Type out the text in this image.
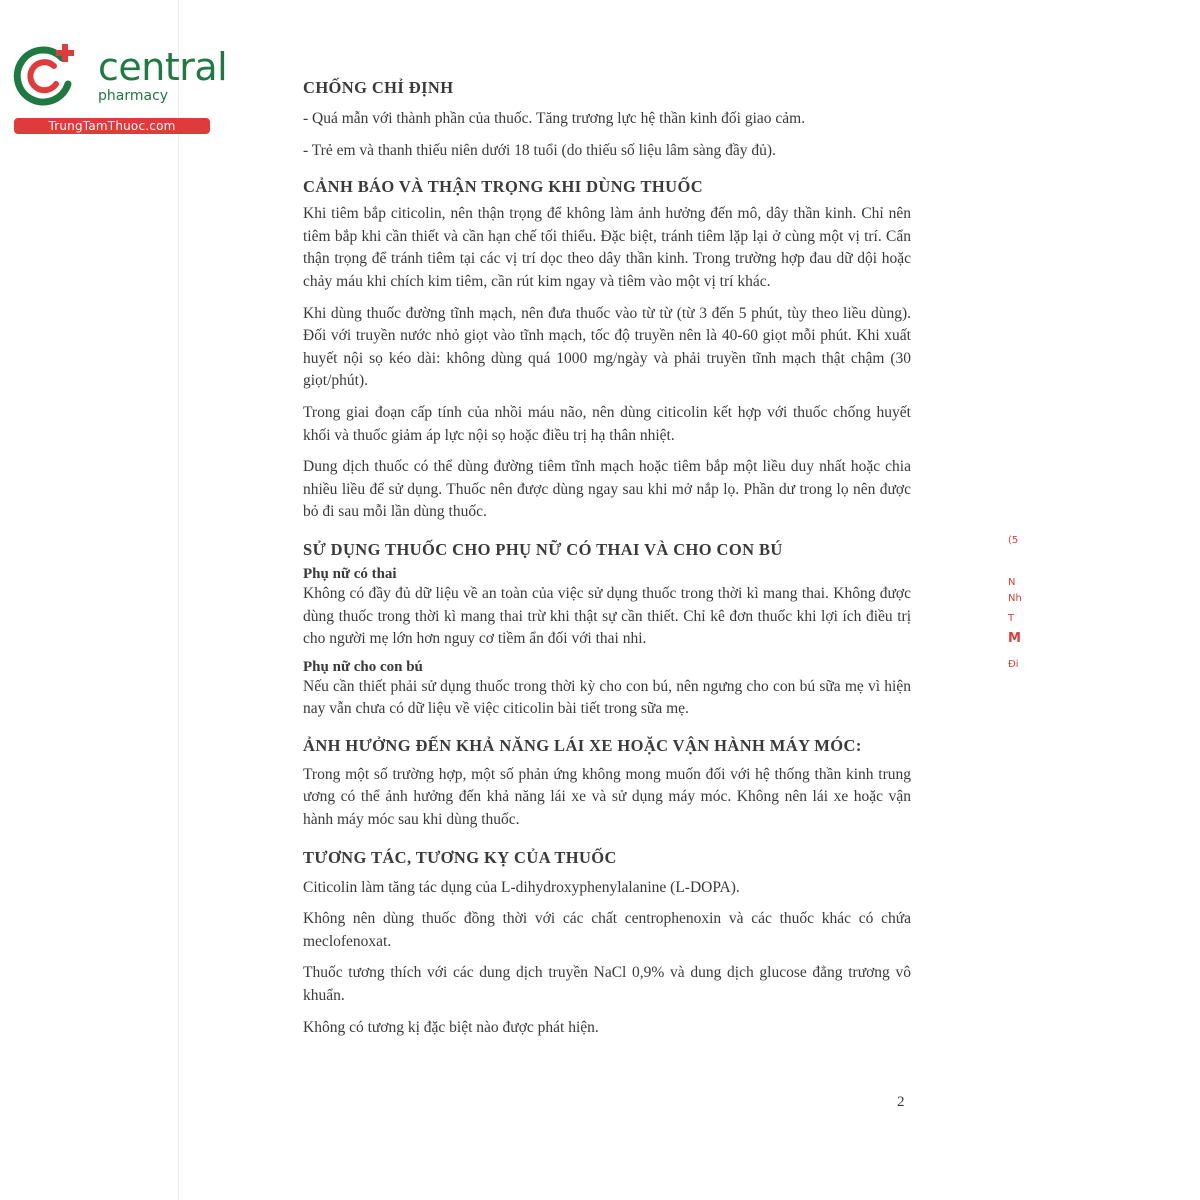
central
pharmacy
TrungTamThuoc.com
CHỐNG CHỈ ĐỊNH

- Quá mẫn với thành phần của thuốc. Tăng trương lực hệ thần kinh đối giao cảm.

- Trẻ em và thanh thiếu niên dưới 18 tuổi (do thiếu số liệu lâm sàng đầy đủ).

CẢNH BÁO VÀ THẬN TRỌNG KHI DÙNG THUỐC

Khi tiêm bắp citicolin, nên thận trọng để không làm ảnh hưởng đến mô, dây thần kinh. Chỉ nên tiêm bắp khi cần thiết và cần hạn chế tối thiểu. Đặc biệt, tránh tiêm lặp lại ở cùng một vị trí. Cẩn thận trọng để tránh tiêm tại các vị trí dọc theo dây thần kinh. Trong trường hợp đau dữ dội hoặc chảy máu khi chích kim tiêm, cần rút kim ngay và tiêm vào một vị trí khác.

Khi dùng thuốc đường tĩnh mạch, nên đưa thuốc vào từ từ (từ 3 đến 5 phút, tùy theo liều dùng). Đối với truyền nước nhỏ giọt vào tĩnh mạch, tốc độ truyền nên là 40-60 giọt mỗi phút. Khi xuất huyết nội sọ kéo dài: không dùng quá 1000 mg/ngày và phải truyền tĩnh mạch thật chậm (30 giọt/phút).

Trong giai đoạn cấp tính của nhồi máu não, nên dùng citicolin kết hợp với thuốc chống huyết khối và thuốc giảm áp lực nội sọ hoặc điều trị hạ thân nhiệt.

Dung dịch thuốc có thể dùng đường tiêm tĩnh mạch hoặc tiêm bắp một liều duy nhất hoặc chia nhiều liều để sử dụng. Thuốc nên được dùng ngay sau khi mở nắp lọ. Phần dư trong lọ nên được bỏ đi sau mỗi lần dùng thuốc.

SỬ DỤNG THUỐC CHO PHỤ NỮ CÓ THAI VÀ CHO CON BÚ
Phụ nữ có thai

Không có đầy đủ dữ liệu về an toàn của việc sử dụng thuốc trong thời kì mang thai. Không được dùng thuốc trong thời kì mang thai trừ khi thật sự cần thiết. Chỉ kê đơn thuốc khi lợi ích điều trị cho người mẹ lớn hơn nguy cơ tiềm ẩn đối với thai nhi.

Phụ nữ cho con bú

Nếu cần thiết phải sử dụng thuốc trong thời kỳ cho con bú, nên ngưng cho con bú sữa mẹ vì hiện nay vẫn chưa có dữ liệu về việc citicolin bài tiết trong sữa mẹ.

ẢNH HƯỞNG ĐẾN KHẢ NĂNG LÁI XE HOẶC VẬN HÀNH MÁY MÓC:

Trong một số trường hợp, một số phản ứng không mong muốn đối với hệ thống thần kinh trung ương có thể ảnh hưởng đến khả năng lái xe và sử dụng máy móc. Không nên lái xe hoặc vận hành máy móc sau khi dùng thuốc.

TƯƠNG TÁC, TƯƠNG KỴ CỦA THUỐC

Citicolin làm tăng tác dụng của L-dihydroxyphenylalanine (L-DOPA).

Không nên dùng thuốc đồng thời với các chất centrophenoxin và các thuốc khác có chứa meclofenoxat.

Thuốc tương thích với các dung dịch truyền NaCl 0,9% và dung dịch glucose đẳng trương vô khuẩn.

Không có tương kị đặc biệt nào được phát hiện.

(5
N
Nh
T
M
Đi
2
